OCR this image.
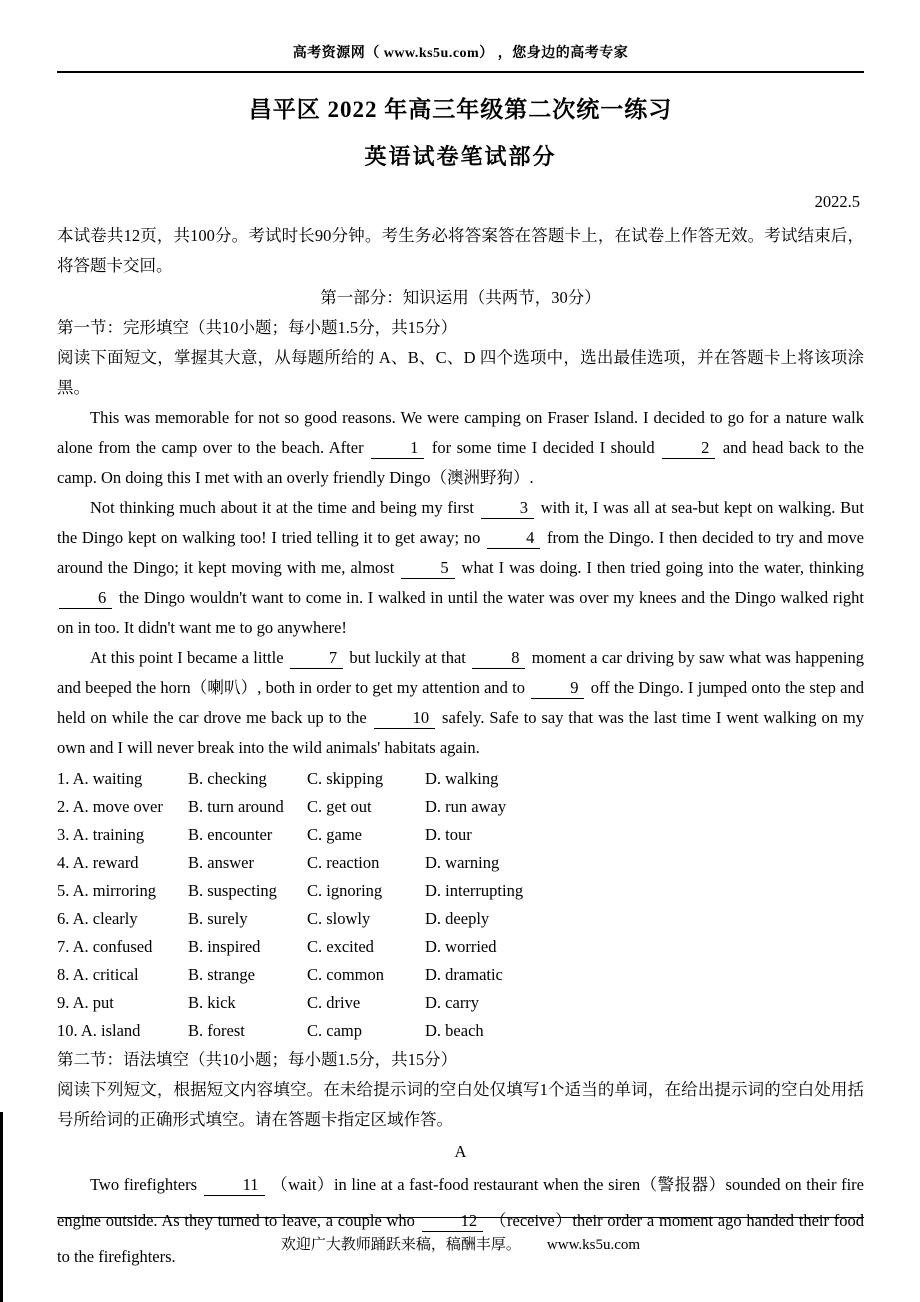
高考资源网（ www.ks5u.com） ，您身边的高考专家
昌平区 2022 年高三年级第二次统一练习
英语试卷笔试部分
2022.5
本试卷共12页，共100分。考试时长90分钟。考生务必将答案答在答题卡上，在试卷上作答无效。考试结束后，将答题卡交回。
第一部分：知识运用（共两节，30分）
第一节：完形填空（共10小题；每小题1.5分，共15分）
阅读下面短文，掌握其大意，从每题所给的 A、B、C、D 四个选项中，选出最佳选项，并在答题卡上将该项涂黑。
This was memorable for not so good reasons. We were camping on Fraser Island. I decided to go for a nature walk alone from the camp over to the beach. After 1 for some time I decided I should 2 and head back to the camp. On doing this I met with an overly friendly Dingo（澳洲野狗）.
Not thinking much about it at the time and being my first 3 with it, I was all at sea-but kept on walking. But the Dingo kept on walking too! I tried telling it to get away; no 4 from the Dingo. I then decided to try and move around the Dingo; it kept moving with me, almost 5 what I was doing. I then tried going into the water, thinking 6 the Dingo wouldn't want to come in. I walked in until the water was over my knees and the Dingo walked right on in too. It didn't want me to go anywhere!
At this point I became a little 7 but luckily at that 8 moment a car driving by saw what was happening and beeped the horn（喇叭）, both in order to get my attention and to 9 off the Dingo. I jumped onto the step and held on while the car drove me back up to the 10 safely. Safe to say that was the last time I went walking on my own and I will never break into the wild animals' habitats again.
1. A. waiting	B. checking	C. skipping	D. walking
2. A. move over	B. turn around	C. get out	D. run away
3. A. training	B. encounter	C. game	D. tour
4. A. reward	B. answer	C. reaction	D. warning
5. A. mirroring	B. suspecting	C. ignoring	D. interrupting
6. A. clearly	B. surely	C. slowly	D. deeply
7. A. confused	B. inspired	C. excited	D. worried
8. A. critical	B. strange	C. common	D. dramatic
9. A. put	B. kick	C. drive	D. carry
10. A. island	B. forest	C. camp	D. beach
第二节：语法填空（共10小题；每小题1.5分，共15分）
阅读下列短文，根据短文内容填空。在未给提示词的空白处仅填写1个适当的单词，在给出提示词的空白处用括号所给词的正确形式填空。请在答题卡指定区域作答。
A
Two firefighters 11 （wait）in line at a fast-food restaurant when the siren（警报器）sounded on their fire engine outside. As they turned to leave, a couple who 12 （receive）their order a moment ago handed their food to the firefighters.
欢迎广大教师踊跃来稿，稿酬丰厚。 www.ks5u.com
